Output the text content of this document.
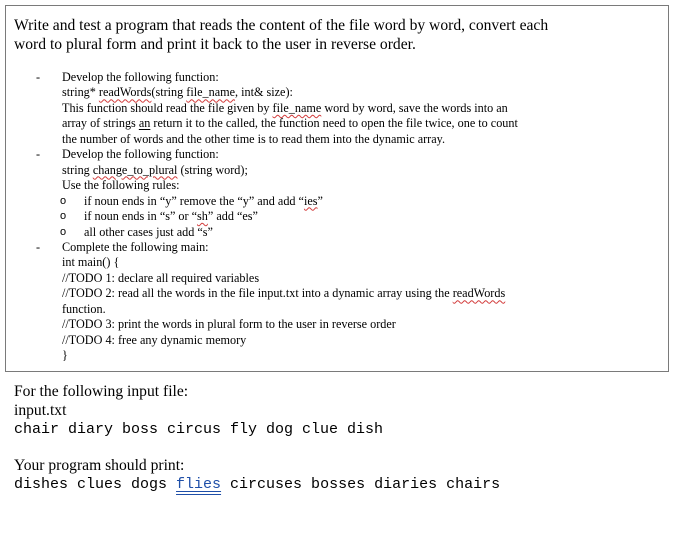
Write and test a program that reads the content of the file word by word, convert each
word to plural form and print it back to the user in reverse order.
- Develop the following function:
string* readWords(string file_name, int& size):
This function should read the file given by file_name word by word, save the words into an
array of strings an return it to the called, the function need to open the file twice, one to count
the number of words and the other time is to read them into the dynamic array.
- Develop the following function:
string change_to_plural (string word);
Use the following rules:
o if noun ends in “y” remove the “y” and add “ies”
o if noun ends in “s” or “sh” add “es”
o all other cases just add “s”
- Complete the following main:
int main() {
//TODO 1: declare all required variables
//TODO 2: read all the words in the file input.txt into a dynamic array using the readWords
function.
//TODO 3: print the words in plural form to the user in reverse order
//TODO 4: free any dynamic memory
}
For the following input file:
input.txt
chair diary boss circus fly dog clue dish
Your program should print:
dishes clues dogs flies circuses bosses diaries chairs
